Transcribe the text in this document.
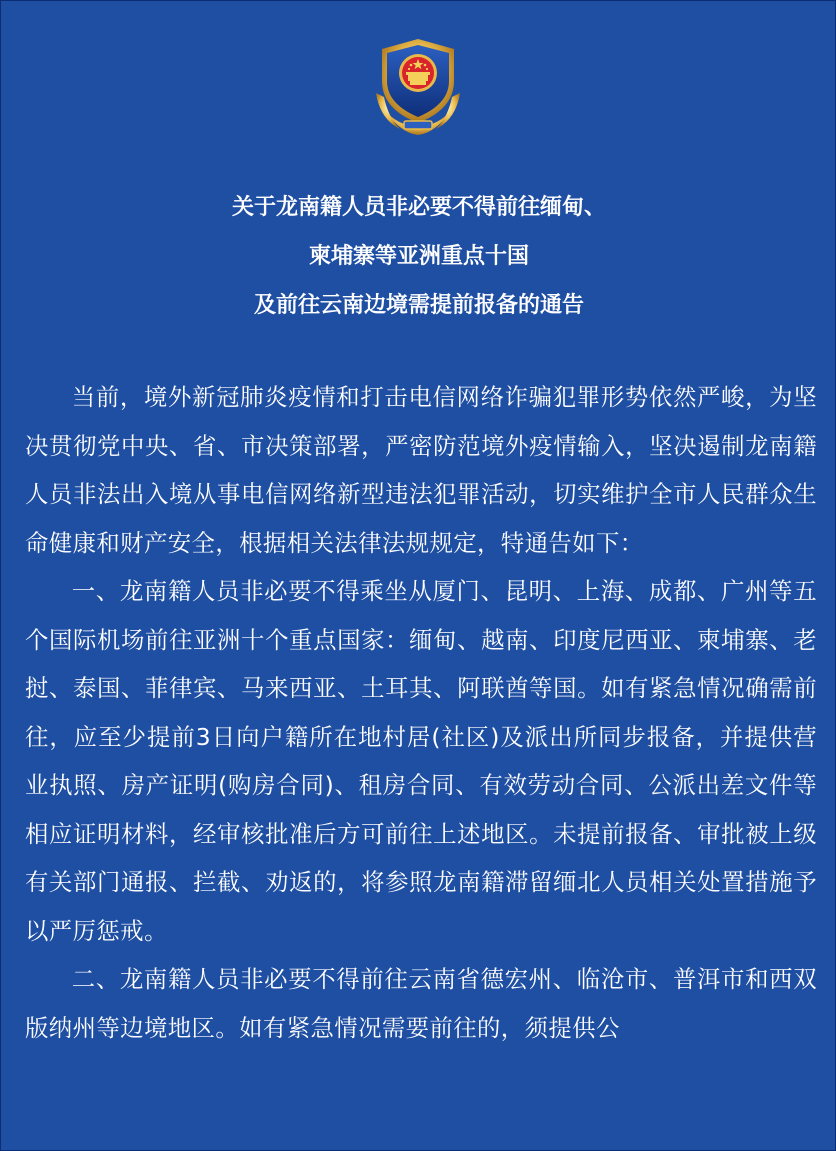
关于龙南籍人员非必要不得前往缅甸、
柬埔寨等亚洲重点十国
及前往云南边境需提前报备的通告

当前，境外新冠肺炎疫情和打击电信网络诈骗犯罪形势依然严峻，为坚决贯彻党中央、省、市决策部署，严密防范境外疫情输入，坚决遏制龙南籍人员非法出入境从事电信网络新型违法犯罪活动，切实维护全市人民群众生命健康和财产安全，根据相关法律法规规定，特通告如下：

一、龙南籍人员非必要不得乘坐从厦门、昆明、上海、成都、广州等五个国际机场前往亚洲十个重点国家：缅甸、越南、印度尼西亚、柬埔寨、老挝、泰国、菲律宾、马来西亚、土耳其、阿联酋等国。如有紧急情况确需前往，应至少提前3日向户籍所在地村居(社区)及派出所同步报备，并提供营业执照、房产证明(购房合同)、租房合同、有效劳动合同、公派出差文件等相应证明材料，经审核批准后方可前往上述地区。未提前报备、审批被上级有关部门通报、拦截、劝返的，将参照龙南籍滞留缅北人员相关处置措施予以严厉惩戒。

二、龙南籍人员非必要不得前往云南省德宏州、临沧市、普洱市和西双版纳州等边境地区。如有紧急情况需要前往的，须提供公
